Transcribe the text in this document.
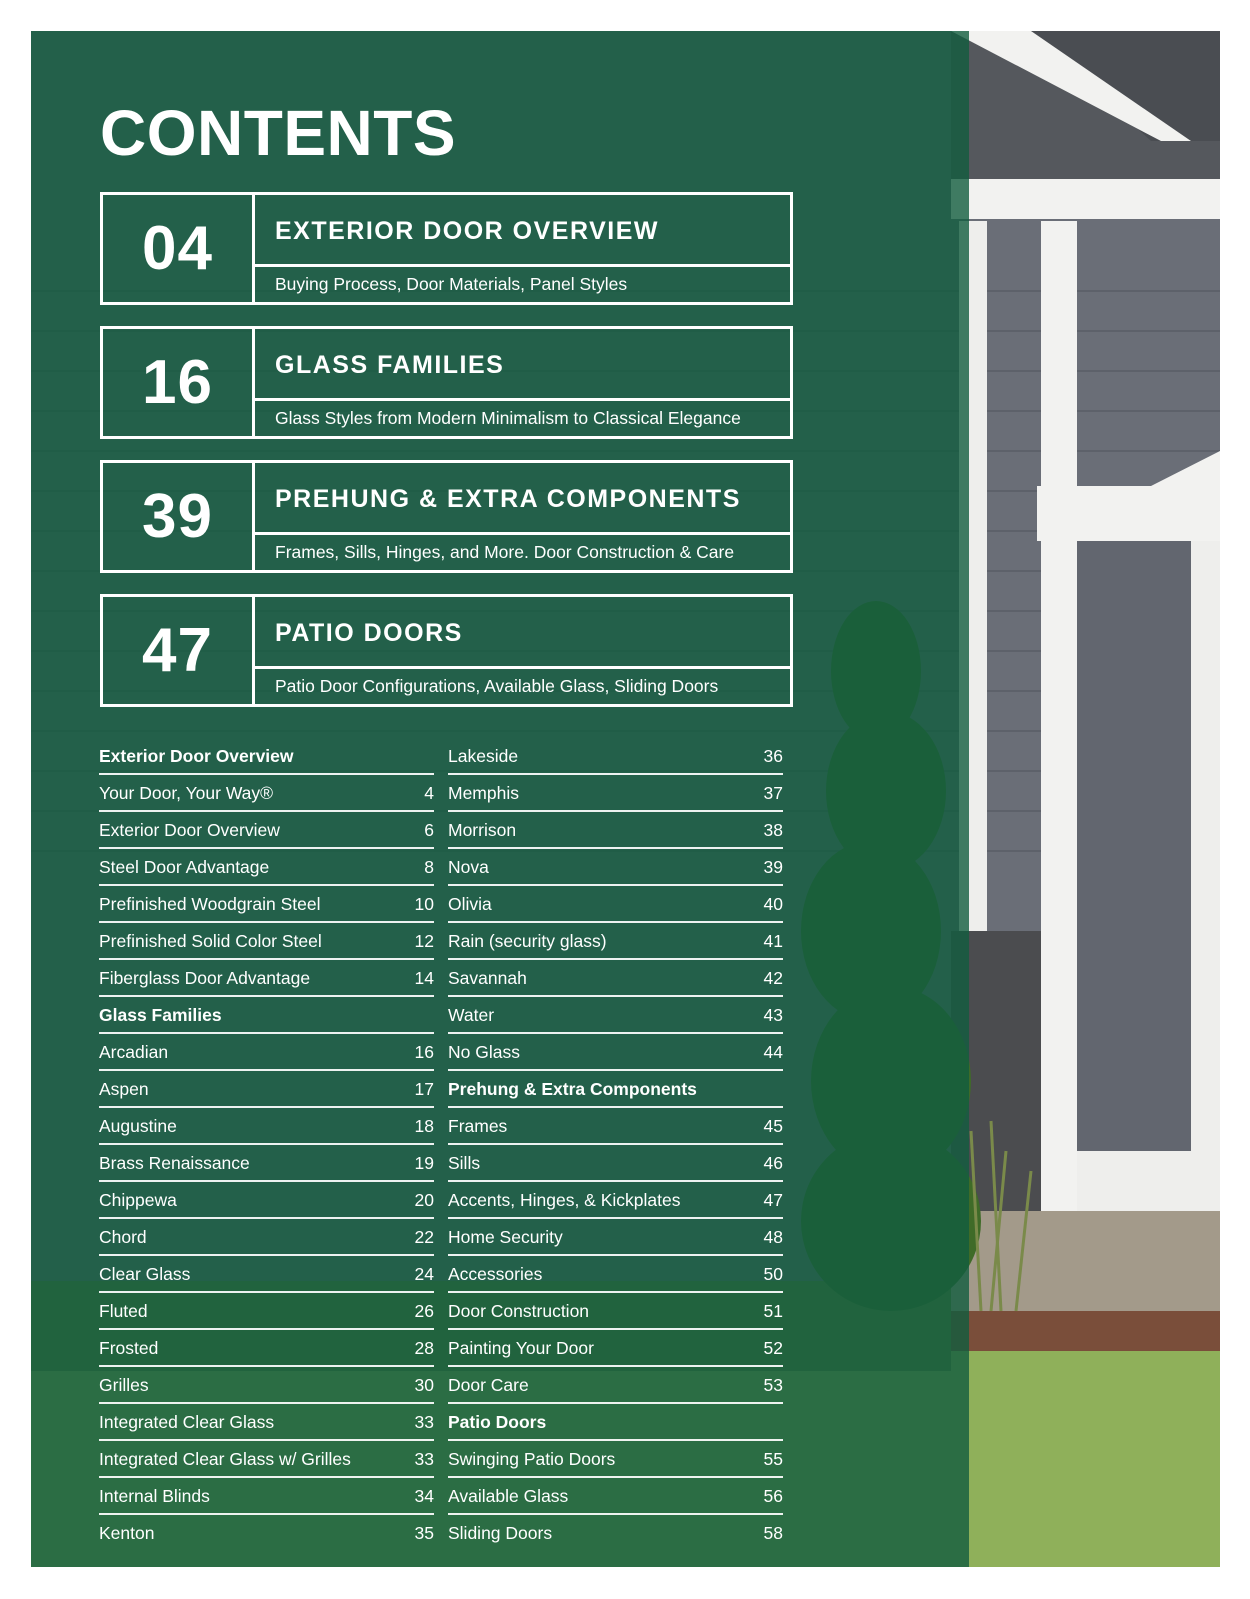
CONTENTS
04	EXTERIOR DOOR OVERVIEW
Buying Process, Door Materials, Panel Styles
16	GLASS FAMILIES
Glass Styles from Modern Minimalism to Classical Elegance
39	PREHUNG & EXTRA COMPONENTS
Frames, Sills, Hinges, and More. Door Construction & Care
47	PATIO DOORS
Patio Door Configurations, Available Glass, Sliding Doors
Exterior Door Overview
Your Door, Your Way®	4
Exterior Door Overview	6
Steel Door Advantage	8
Prefinished Woodgrain Steel	10
Prefinished Solid Color Steel	12
Fiberglass Door Advantage	14
Glass Families
Arcadian	16
Aspen	17
Augustine	18
Brass Renaissance	19
Chippewa	20
Chord	22
Clear Glass	24
Fluted	26
Frosted	28
Grilles	30
Integrated Clear Glass	33
Integrated Clear Glass w/ Grilles	33
Internal Blinds	34
Kenton	35
Lakeside	36
Memphis	37
Morrison	38
Nova	39
Olivia	40
Rain (security glass)	41
Savannah	42
Water	43
No Glass	44
Prehung & Extra Components
Frames	45
Sills	46
Accents, Hinges, & Kickplates	47
Home Security	48
Accessories	50
Door Construction	51
Painting Your Door	52
Door Care	53
Patio Doors
Swinging Patio Doors	55
Available Glass	56
Sliding Doors	58
